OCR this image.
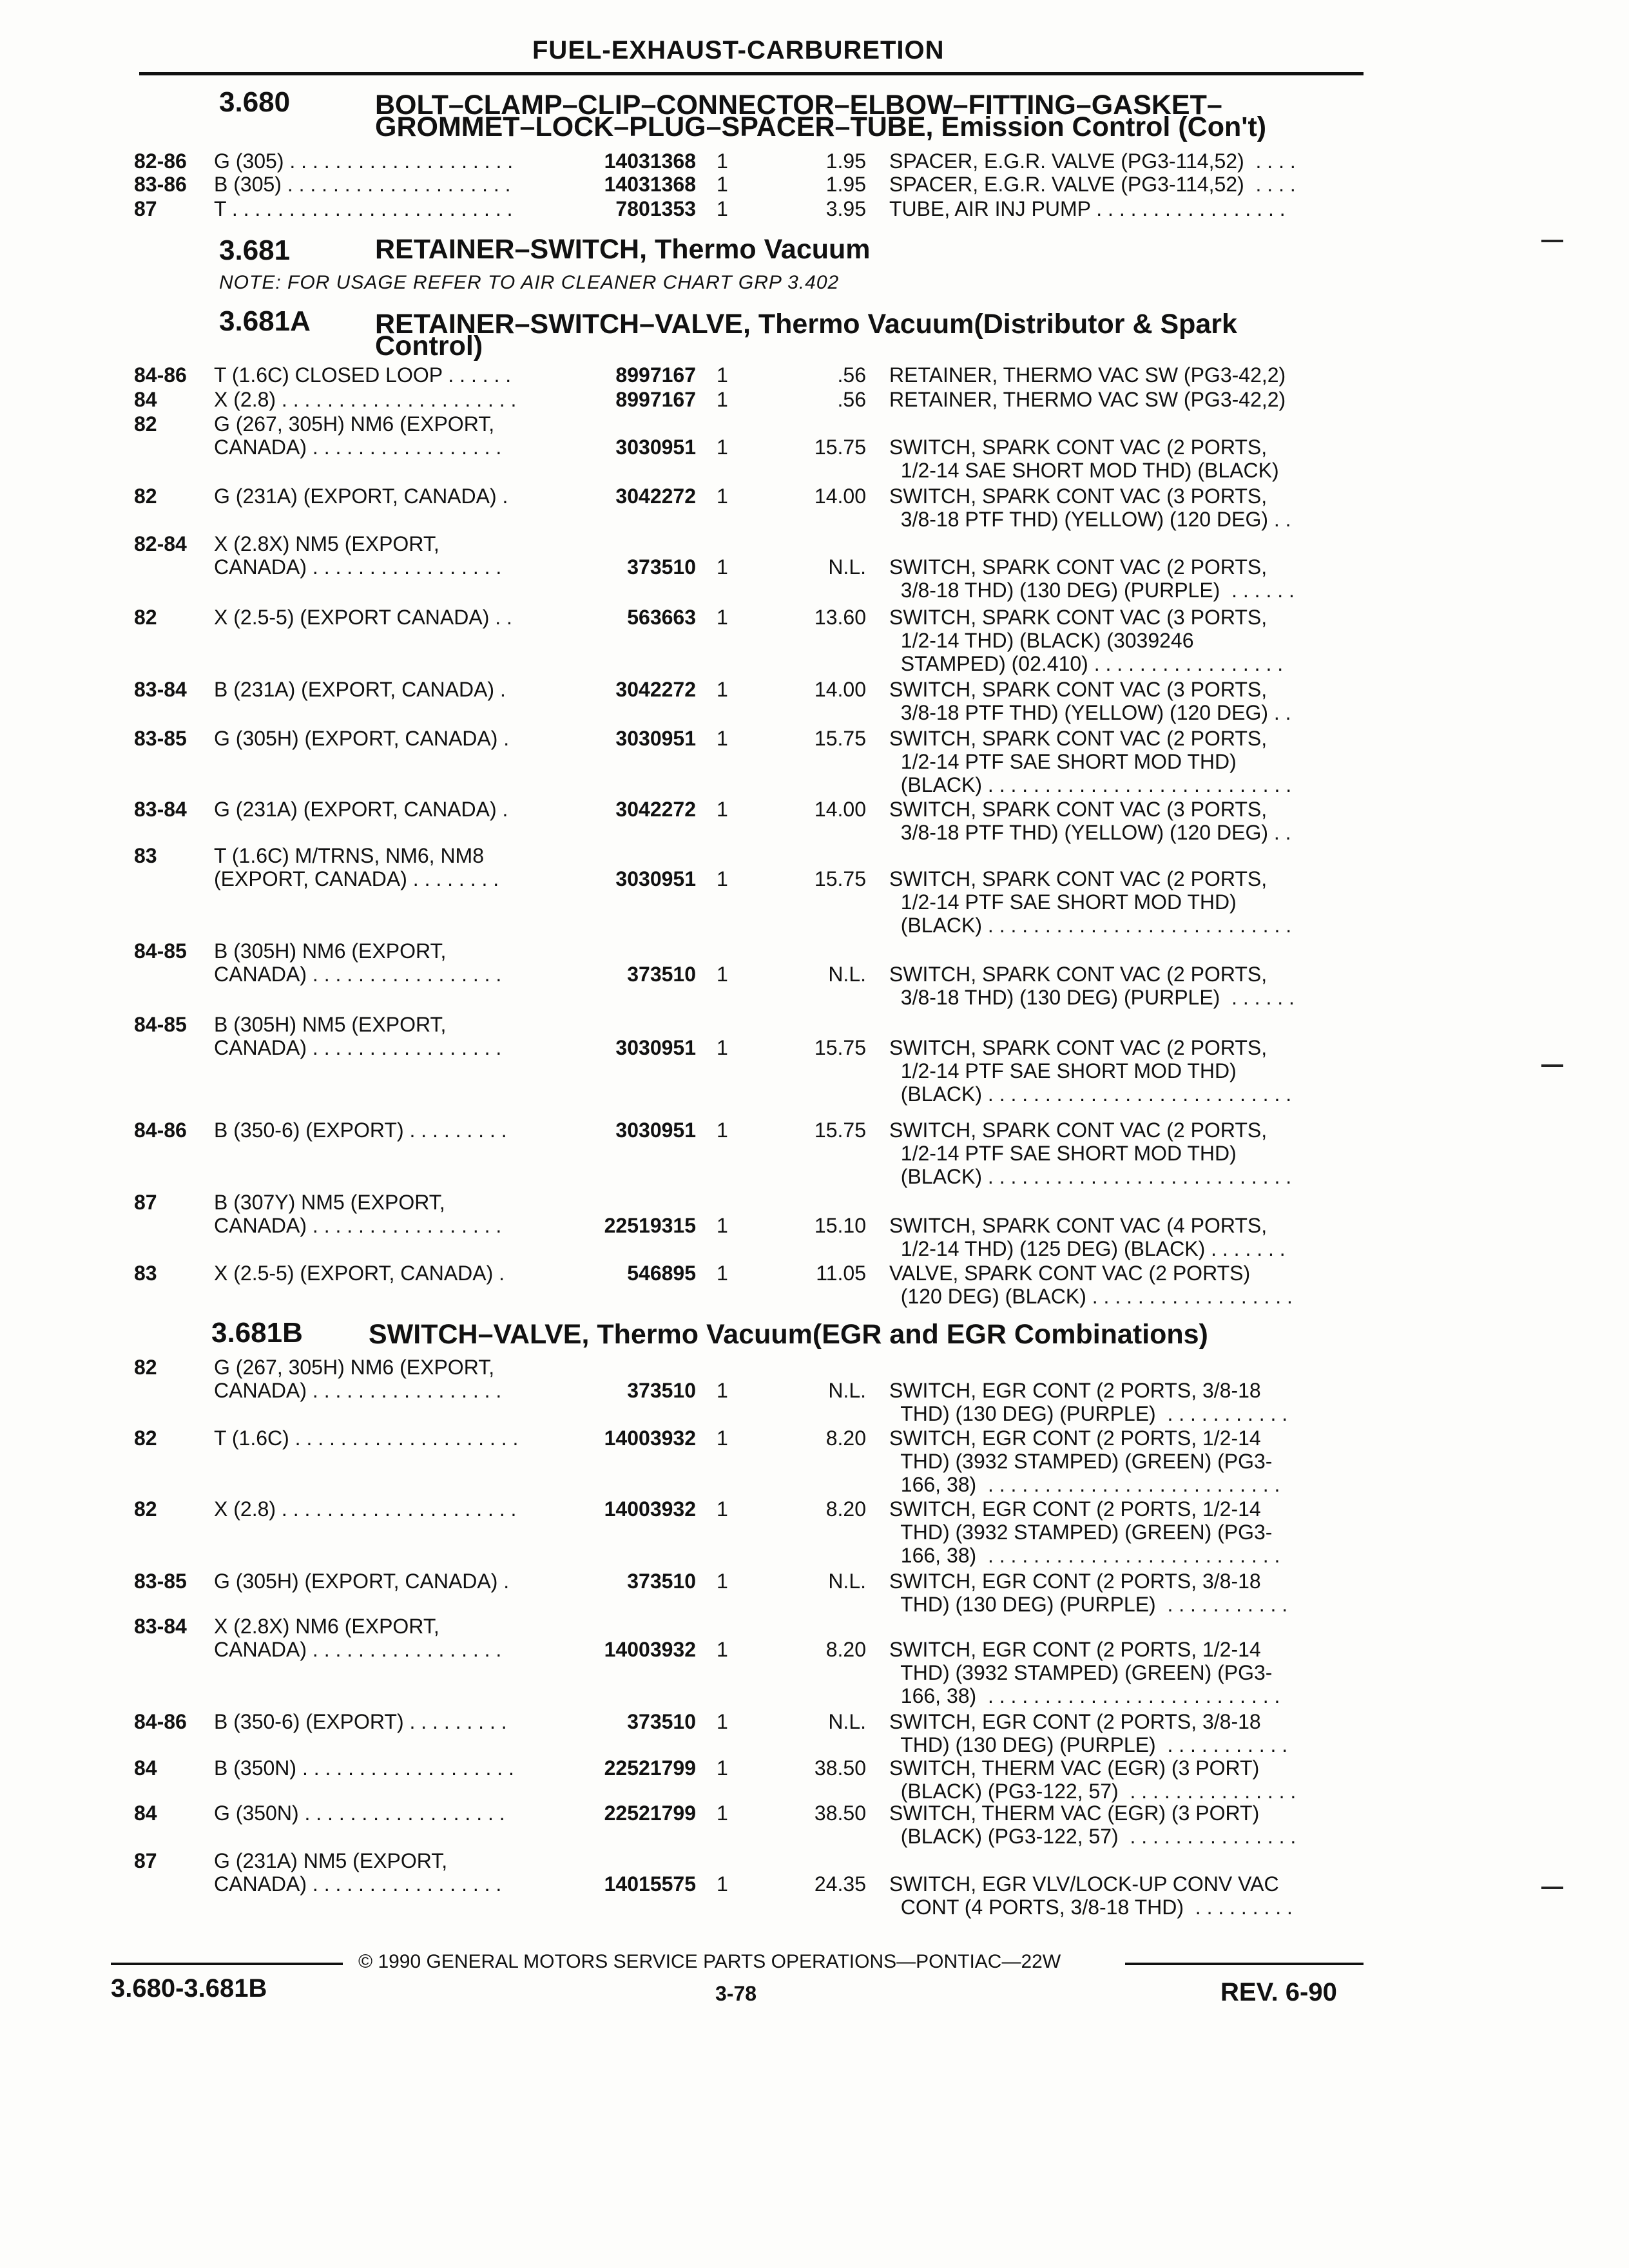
FUEL-EXHAUST-CARBURETION
3.680	BOLT–CLAMP–CLIP–CONNECTOR–ELBOW–FITTING–GASKET–
GROMMET–LOCK–PLUG–SPACER–TUBE, Emission Control (Con't)
82-86 G (305) . . . . . . . . . . . . . . . . . . . .	14031368 1	1.95 SPACER, E.G.R. VALVE (PG3-114,52)  . . . .
83-86 B (305) . . . . . . . . . . . . . . . . . . . .	14031368 1	1.95 SPACER, E.G.R. VALVE (PG3-114,52)  . . . .
87	T . . . . . . . . . . . . . . . . . . . . . . . . .	7801353 1	3.95 TUBE, AIR INJ PUMP . . . . . . . . . . . . . . . . .
3.681	RETAINER–SWITCH, Thermo Vacuum
NOTE: FOR USAGE REFER TO AIR CLEANER CHART GRP 3.402
3.681A RETAINER–SWITCH–VALVE, Thermo Vacuum(Distributor & Spark
Control)
84-86 T (1.6C) CLOSED LOOP . . . . . .	8997167 1	.56 RETAINER, THERMO VAC SW (PG3-42,2)
84	X (2.8) . . . . . . . . . . . . . . . . . . . . .	8997167 1	.56 RETAINER, THERMO VAC SW (PG3-42,2)
82	G (267, 305H) NM6 (EXPORT,
CANADA) . . . . . . . . . . . . . . . . .	3030951 1	15.75 SWITCH, SPARK CONT VAC (2 PORTS,
1/2-14 SAE SHORT MOD THD) (BLACK)
82	G (231A) (EXPORT, CANADA) .	3042272 1	14.00 SWITCH, SPARK CONT VAC (3 PORTS,
3/8-18 PTF THD) (YELLOW) (120 DEG) . .
82-84 X (2.8X) NM5 (EXPORT,
CANADA) . . . . . . . . . . . . . . . . .	373510 1	N.L. SWITCH, SPARK CONT VAC (2 PORTS,
3/8-18 THD) (130 DEG) (PURPLE)  . . . . . .
82	X (2.5-5) (EXPORT CANADA) . .	563663 1	13.60 SWITCH, SPARK CONT VAC (3 PORTS,
1/2-14 THD) (BLACK) (3039246
STAMPED) (02.410) . . . . . . . . . . . . . . . . .
83-84 B (231A) (EXPORT, CANADA) .	3042272 1	14.00 SWITCH, SPARK CONT VAC (3 PORTS,
3/8-18 PTF THD) (YELLOW) (120 DEG) . .
83-85 G (305H) (EXPORT, CANADA) .	3030951 1	15.75 SWITCH, SPARK CONT VAC (2 PORTS,
1/2-14 PTF SAE SHORT MOD THD)
(BLACK) . . . . . . . . . . . . . . . . . . . . . . . . . . .
83-84 G (231A) (EXPORT, CANADA) .	3042272 1	14.00 SWITCH, SPARK CONT VAC (3 PORTS,
3/8-18 PTF THD) (YELLOW) (120 DEG) . .
83	T (1.6C) M/TRNS, NM6, NM8
(EXPORT, CANADA) . . . . . . . .	3030951 1	15.75 SWITCH, SPARK CONT VAC (2 PORTS,
1/2-14 PTF SAE SHORT MOD THD)
(BLACK) . . . . . . . . . . . . . . . . . . . . . . . . . . .
84-85 B (305H) NM6 (EXPORT,
CANADA) . . . . . . . . . . . . . . . . .	373510 1	N.L. SWITCH, SPARK CONT VAC (2 PORTS,
3/8-18 THD) (130 DEG) (PURPLE)  . . . . . .
84-85 B (305H) NM5 (EXPORT,
CANADA) . . . . . . . . . . . . . . . . .	3030951 1	15.75 SWITCH, SPARK CONT VAC (2 PORTS,
1/2-14 PTF SAE SHORT MOD THD)
(BLACK) . . . . . . . . . . . . . . . . . . . . . . . . . . .
84-86 B (350-6) (EXPORT) . . . . . . . . .	3030951 1	15.75 SWITCH, SPARK CONT VAC (2 PORTS,
1/2-14 PTF SAE SHORT MOD THD)
(BLACK) . . . . . . . . . . . . . . . . . . . . . . . . . . .
87	B (307Y) NM5 (EXPORT,
CANADA) . . . . . . . . . . . . . . . . .	22519315 1	15.10 SWITCH, SPARK CONT VAC (4 PORTS,
1/2-14 THD) (125 DEG) (BLACK) . . . . . . .
83	X (2.5-5) (EXPORT, CANADA) .	546895 1	11.05 VALVE, SPARK CONT VAC (2 PORTS)
(120 DEG) (BLACK) . . . . . . . . . . . . . . . . . .
3.681B SWITCH–VALVE, Thermo Vacuum(EGR and EGR Combinations)
82	G (267, 305H) NM6 (EXPORT,
CANADA) . . . . . . . . . . . . . . . . .	373510 1	N.L. SWITCH, EGR CONT (2 PORTS, 3/8-18
THD) (130 DEG) (PURPLE)  . . . . . . . . . . .
82	T (1.6C) . . . . . . . . . . . . . . . . . . . .	14003932 1	8.20 SWITCH, EGR CONT (2 PORTS, 1/2-14
THD) (3932 STAMPED) (GREEN) (PG3-
166, 38)  . . . . . . . . . . . . . . . . . . . . . . . . . .
82	X (2.8) . . . . . . . . . . . . . . . . . . . . .	14003932 1	8.20 SWITCH, EGR CONT (2 PORTS, 1/2-14
THD) (3932 STAMPED) (GREEN) (PG3-
166, 38)  . . . . . . . . . . . . . . . . . . . . . . . . . .
83-85 G (305H) (EXPORT, CANADA) .	373510 1	N.L. SWITCH, EGR CONT (2 PORTS, 3/8-18
THD) (130 DEG) (PURPLE)  . . . . . . . . . . .
83-84 X (2.8X) NM6 (EXPORT,
CANADA) . . . . . . . . . . . . . . . . .	14003932 1	8.20 SWITCH, EGR CONT (2 PORTS, 1/2-14
THD) (3932 STAMPED) (GREEN) (PG3-
166, 38)  . . . . . . . . . . . . . . . . . . . . . . . . . .
84-86 B (350-6) (EXPORT) . . . . . . . . .	373510 1	N.L. SWITCH, EGR CONT (2 PORTS, 3/8-18
THD) (130 DEG) (PURPLE)  . . . . . . . . . . .
84	B (350N) . . . . . . . . . . . . . . . . . . .	22521799 1	38.50 SWITCH, THERM VAC (EGR) (3 PORT)
(BLACK) (PG3-122, 57)  . . . . . . . . . . . . . . .
84	G (350N) . . . . . . . . . . . . . . . . . .	22521799 1	38.50 SWITCH, THERM VAC (EGR) (3 PORT)
(BLACK) (PG3-122, 57)  . . . . . . . . . . . . . . .
87	G (231A) NM5 (EXPORT,
CANADA) . . . . . . . . . . . . . . . . .	14015575 1	24.35 SWITCH, EGR VLV/LOCK-UP CONV VAC
CONT (4 PORTS, 3/8-18 THD)  . . . . . . . . .
© 1990 GENERAL MOTORS SERVICE PARTS OPERATIONS—PONTIAC—22W
3.680-3.681B	3-78	REV. 6-90
